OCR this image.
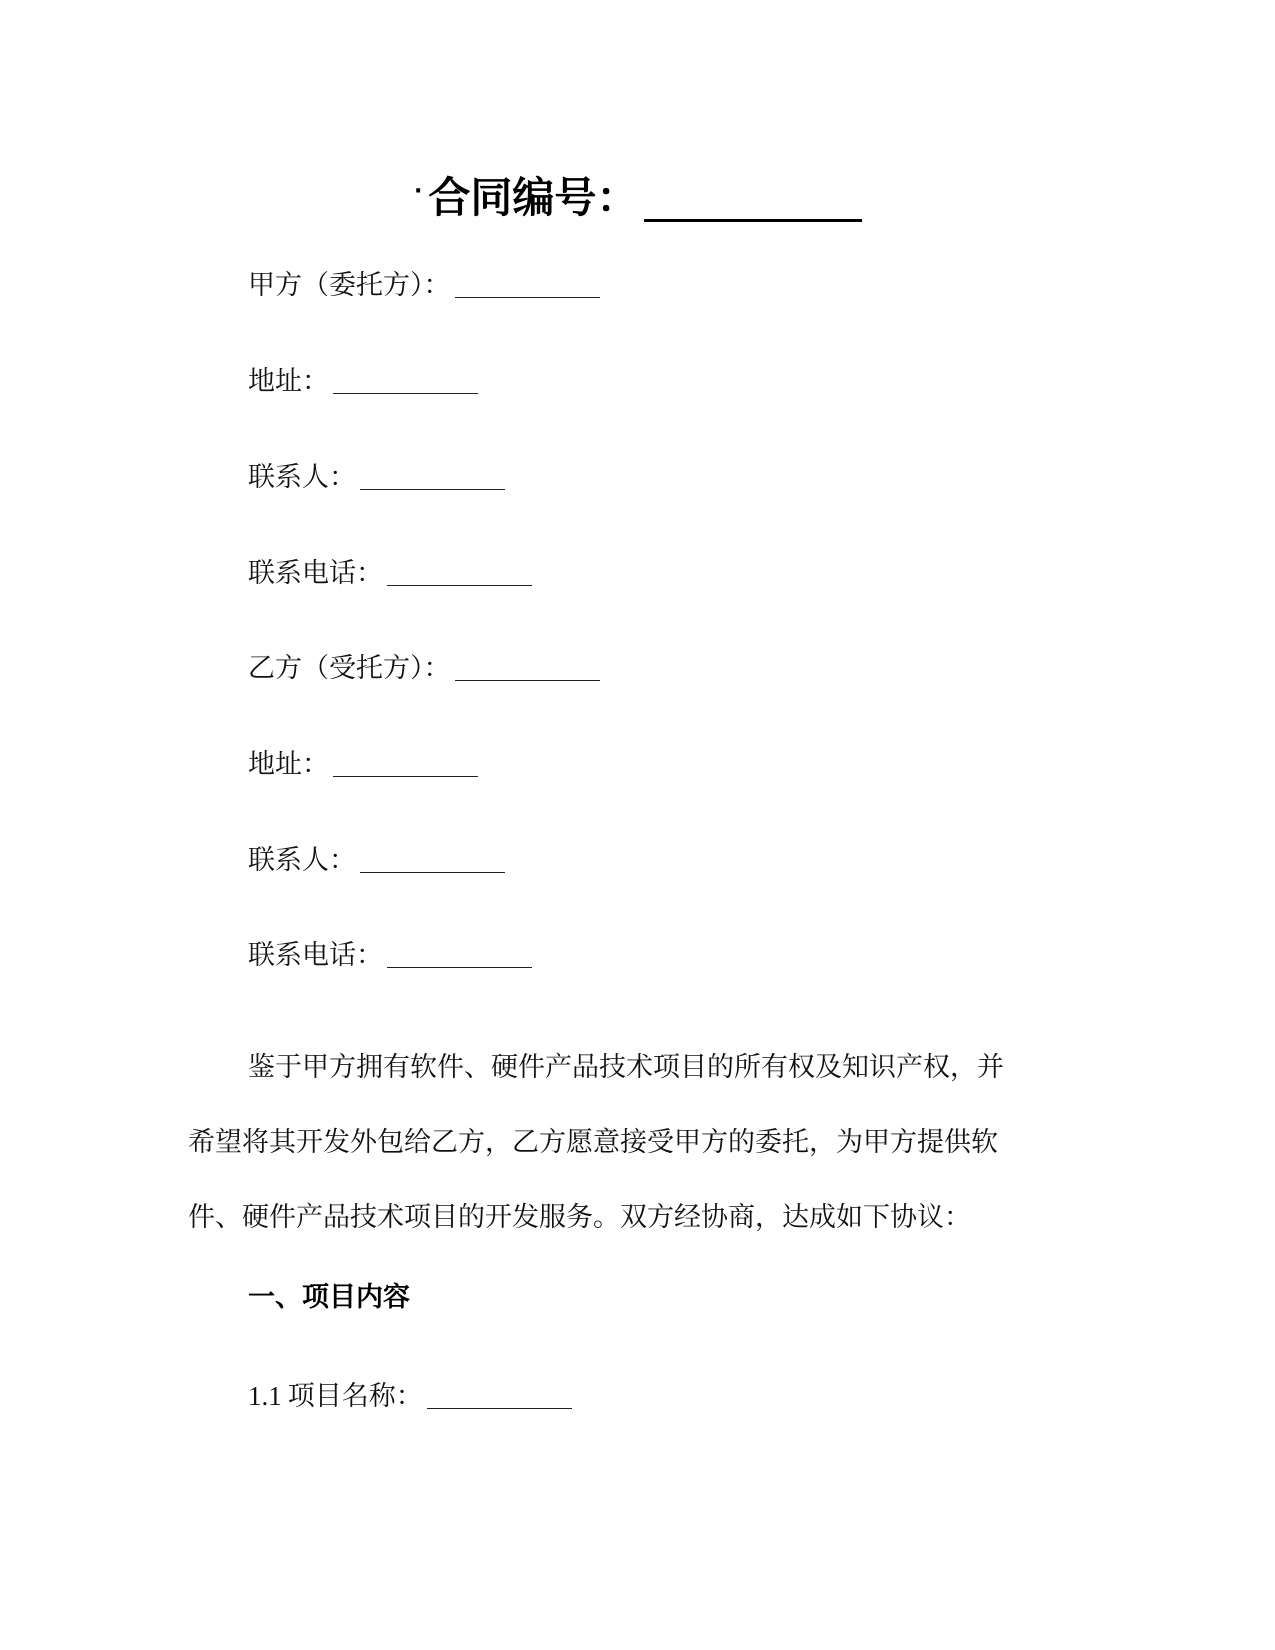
· 合同编号：
甲方（委托方）：
地址：
联系人：
联系电话：
乙方（受托方）：
地址：
联系人：
联系电话：
鉴于甲方拥有软件、硬件产品技术项目的所有权及知识产权，并
希望将其开发外包给乙方，乙方愿意接受甲方的委托，为甲方提供软
件、硬件产品技术项目的开发服务。双方经协商，达成如下协议：
一、项目内容
1.1 项目名称：
